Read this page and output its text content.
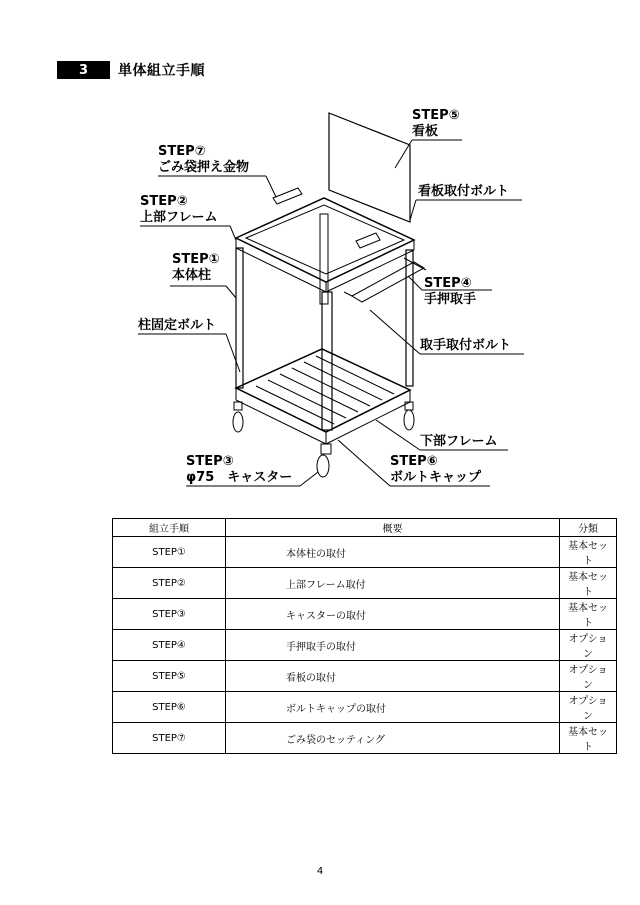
3	単体組立手順
STEP⑤
看板
STEP⑦
ごみ袋押え金物
看板取付ボルト
STEP②
上部フレーム
STEP①
本体柱
STEP④
手押取手
柱固定ボルト
取手取付ボルト
下部フレーム
STEP③
φ75　キャスター
STEP⑥
ボルトキャップ
組立手順	概要	分類
STEP①	本体柱の取付	基本セット
STEP②	上部フレーム取付	基本セット
STEP③	キャスターの取付	基本セット
STEP④	手押取手の取付	オプション
STEP⑤	看板の取付	オプション
STEP⑥	ボルトキャップの取付	オプション
STEP⑦	ごみ袋のセッティング	基本セット
4
